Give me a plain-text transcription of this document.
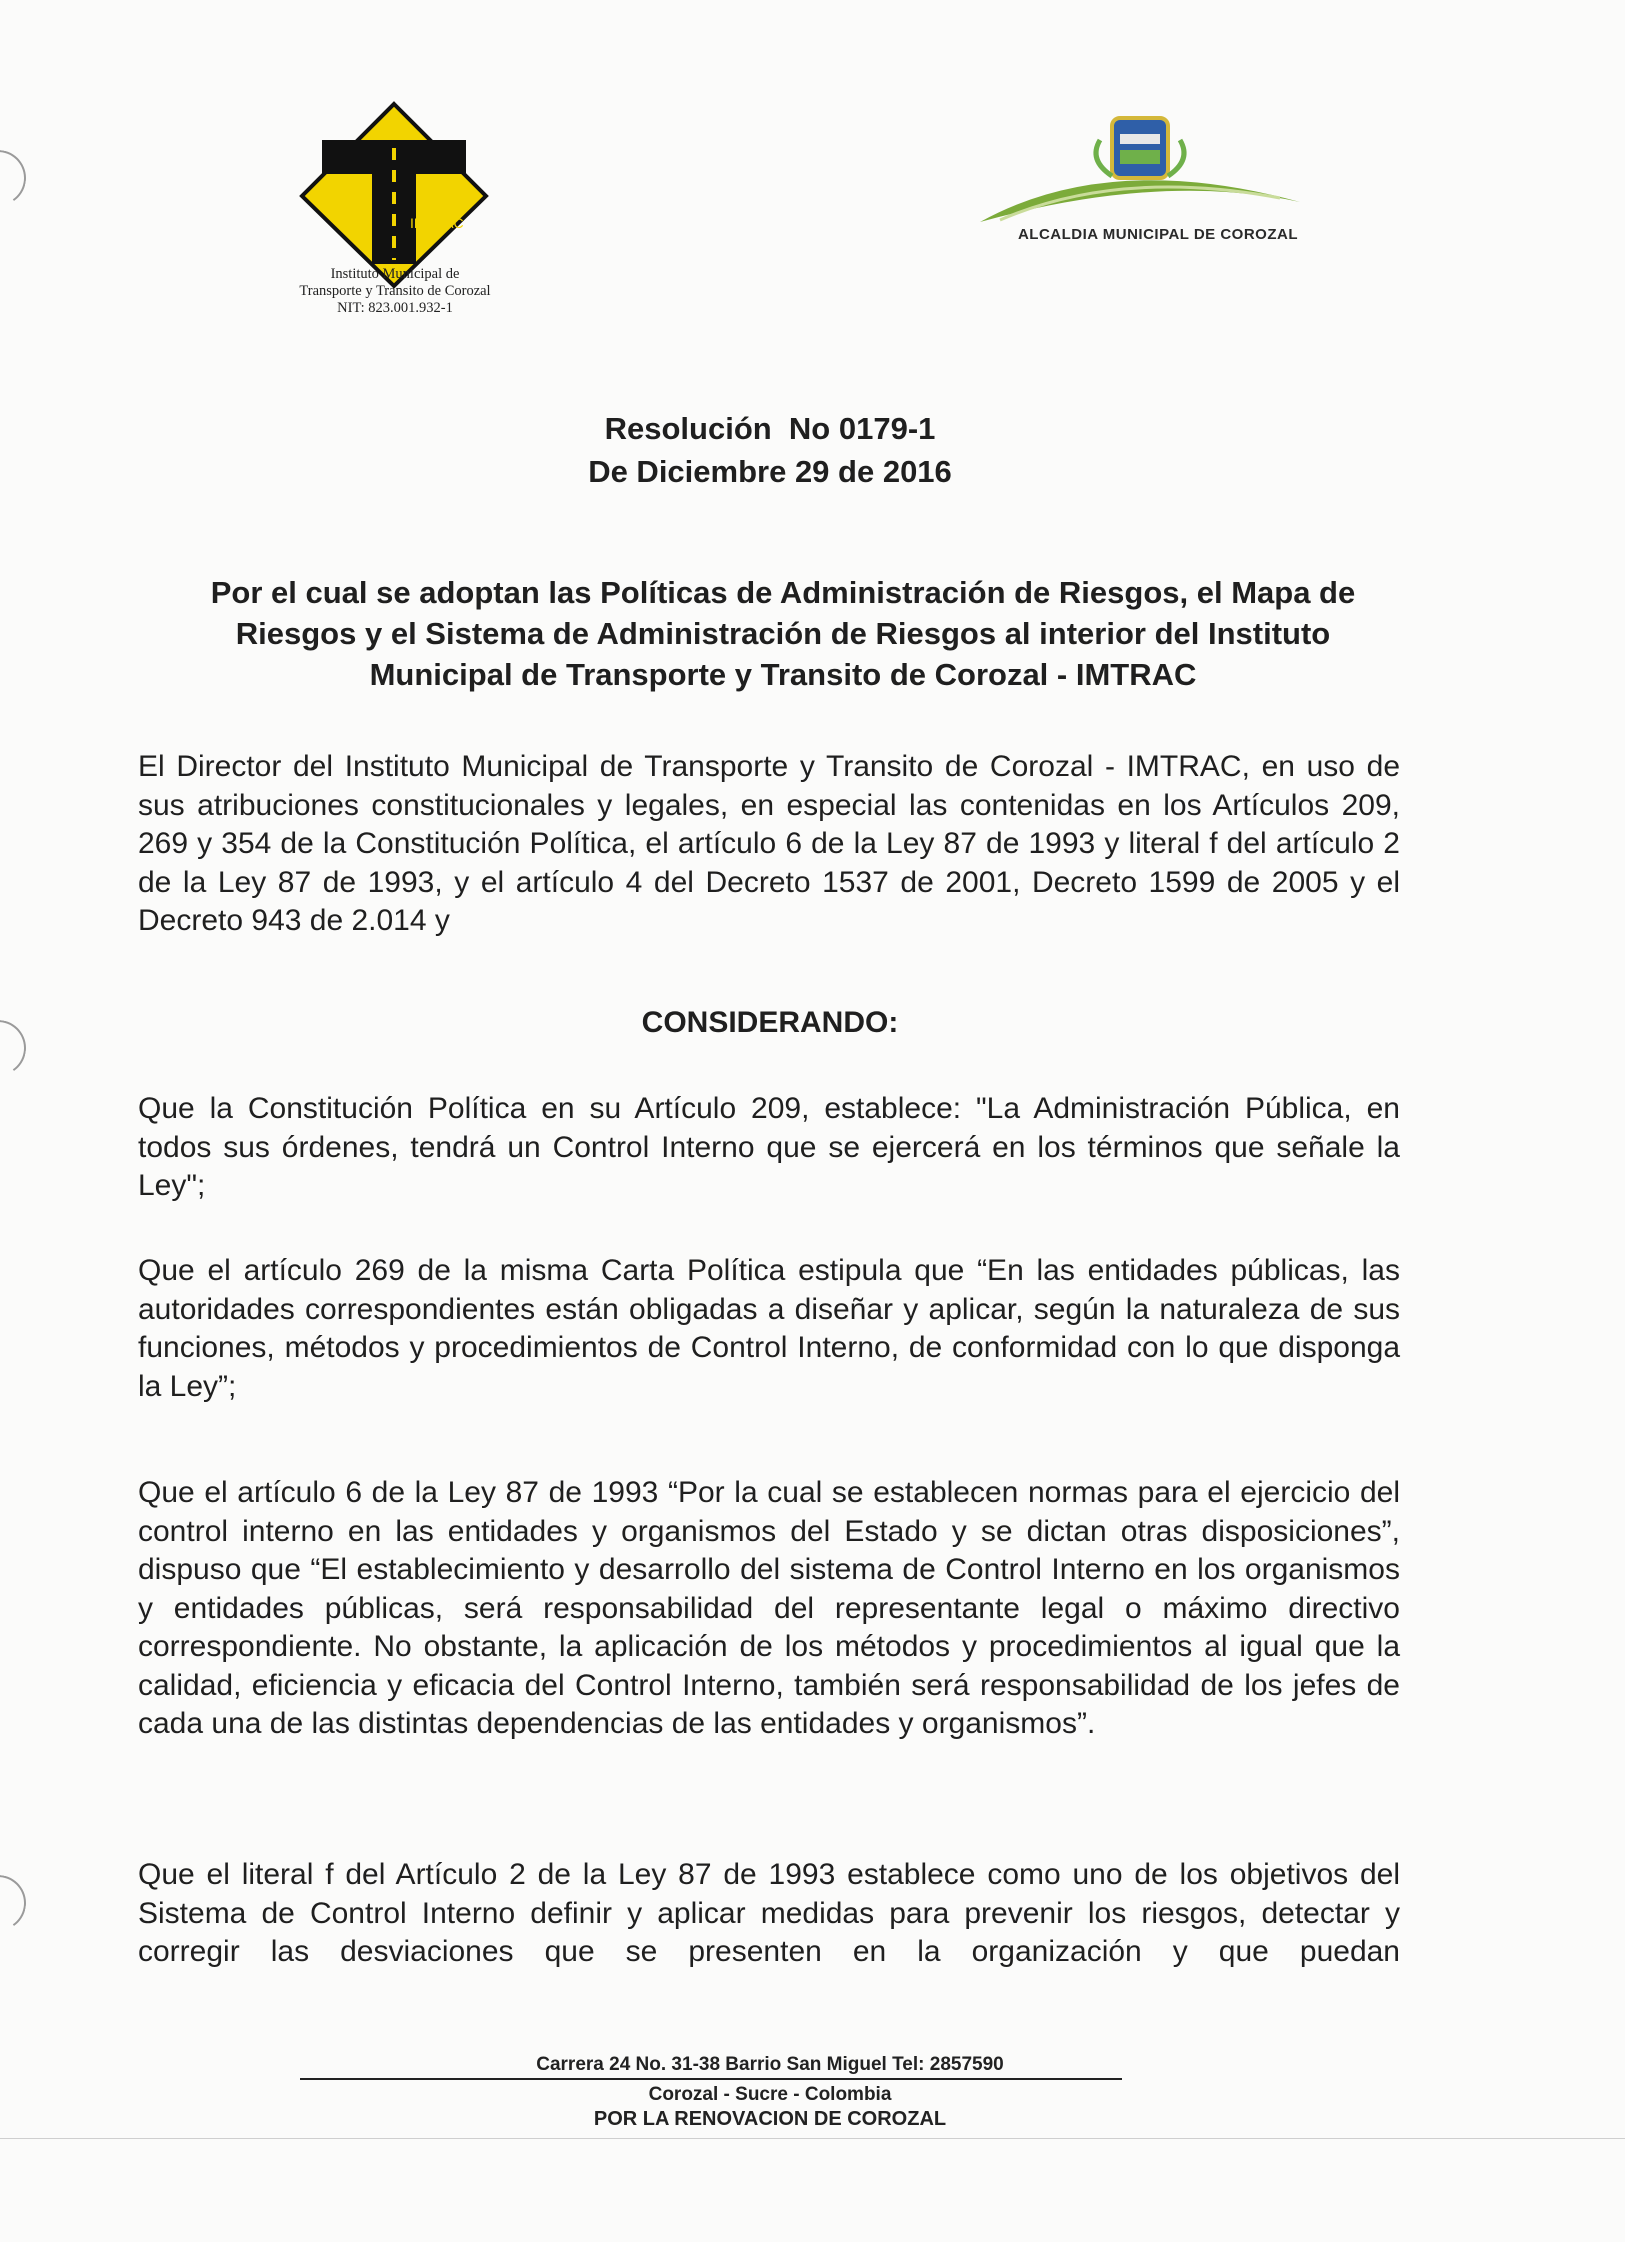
IMTRAC
Instituto Municipal de
Transporte y Transito de Corozal
NIT: 823.001.932-1
ALCALDIA MUNICIPAL DE COROZAL
Resolución  No 0179-1
De Diciembre 29 de 2016
Por el cual se adoptan las Políticas de Administración de Riesgos, el Mapa de
Riesgos y el Sistema de Administración de Riesgos al interior del Instituto
Municipal de Transporte y Transito de Corozal - IMTRAC
El Director del Instituto Municipal de Transporte y Transito de Corozal - IMTRAC, en uso de sus atribuciones constitucionales y legales, en especial las contenidas en los Artículos 209, 269 y 354 de la Constitución Política, el artículo 6 de la Ley 87 de 1993 y literal f del artículo 2 de la Ley 87 de 1993, y el artículo 4 del Decreto 1537 de 2001, Decreto 1599 de 2005 y el Decreto 943 de 2.014 y
CONSIDERANDO:
Que la Constitución Política en su Artículo 209, establece: "La Administración Pública, en todos sus órdenes, tendrá un Control Interno que se ejercerá en los términos que señale la Ley";
Que el artículo 269 de la misma Carta Política estipula que “En las entidades públicas, las autoridades correspondientes están obligadas a diseñar y aplicar, según la naturaleza de sus funciones, métodos y procedimientos de Control Interno, de conformidad con lo que disponga la Ley”;
Que el artículo 6 de la Ley 87 de 1993 “Por la cual se establecen normas para el ejercicio del control interno en las entidades y organismos del Estado y se dictan otras disposiciones”, dispuso que “El establecimiento y desarrollo del sistema de Control Interno en los organismos y entidades públicas, será responsabilidad del representante legal o máximo directivo correspondiente. No obstante, la aplicación de los métodos y procedimientos al igual que la calidad, eficiencia y eficacia del Control Interno, también será responsabilidad de los jefes de cada una de las distintas dependencias de las entidades y organismos”.
Que el literal f del Artículo 2 de la Ley 87 de 1993 establece como uno de los objetivos del Sistema de Control Interno definir y aplicar medidas para prevenir los riesgos, detectar y corregir las desviaciones que se presenten en la organización y que puedan
Carrera 24 No. 31-38 Barrio San Miguel Tel: 2857590
Corozal - Sucre - Colombia
POR LA RENOVACION DE COROZAL
